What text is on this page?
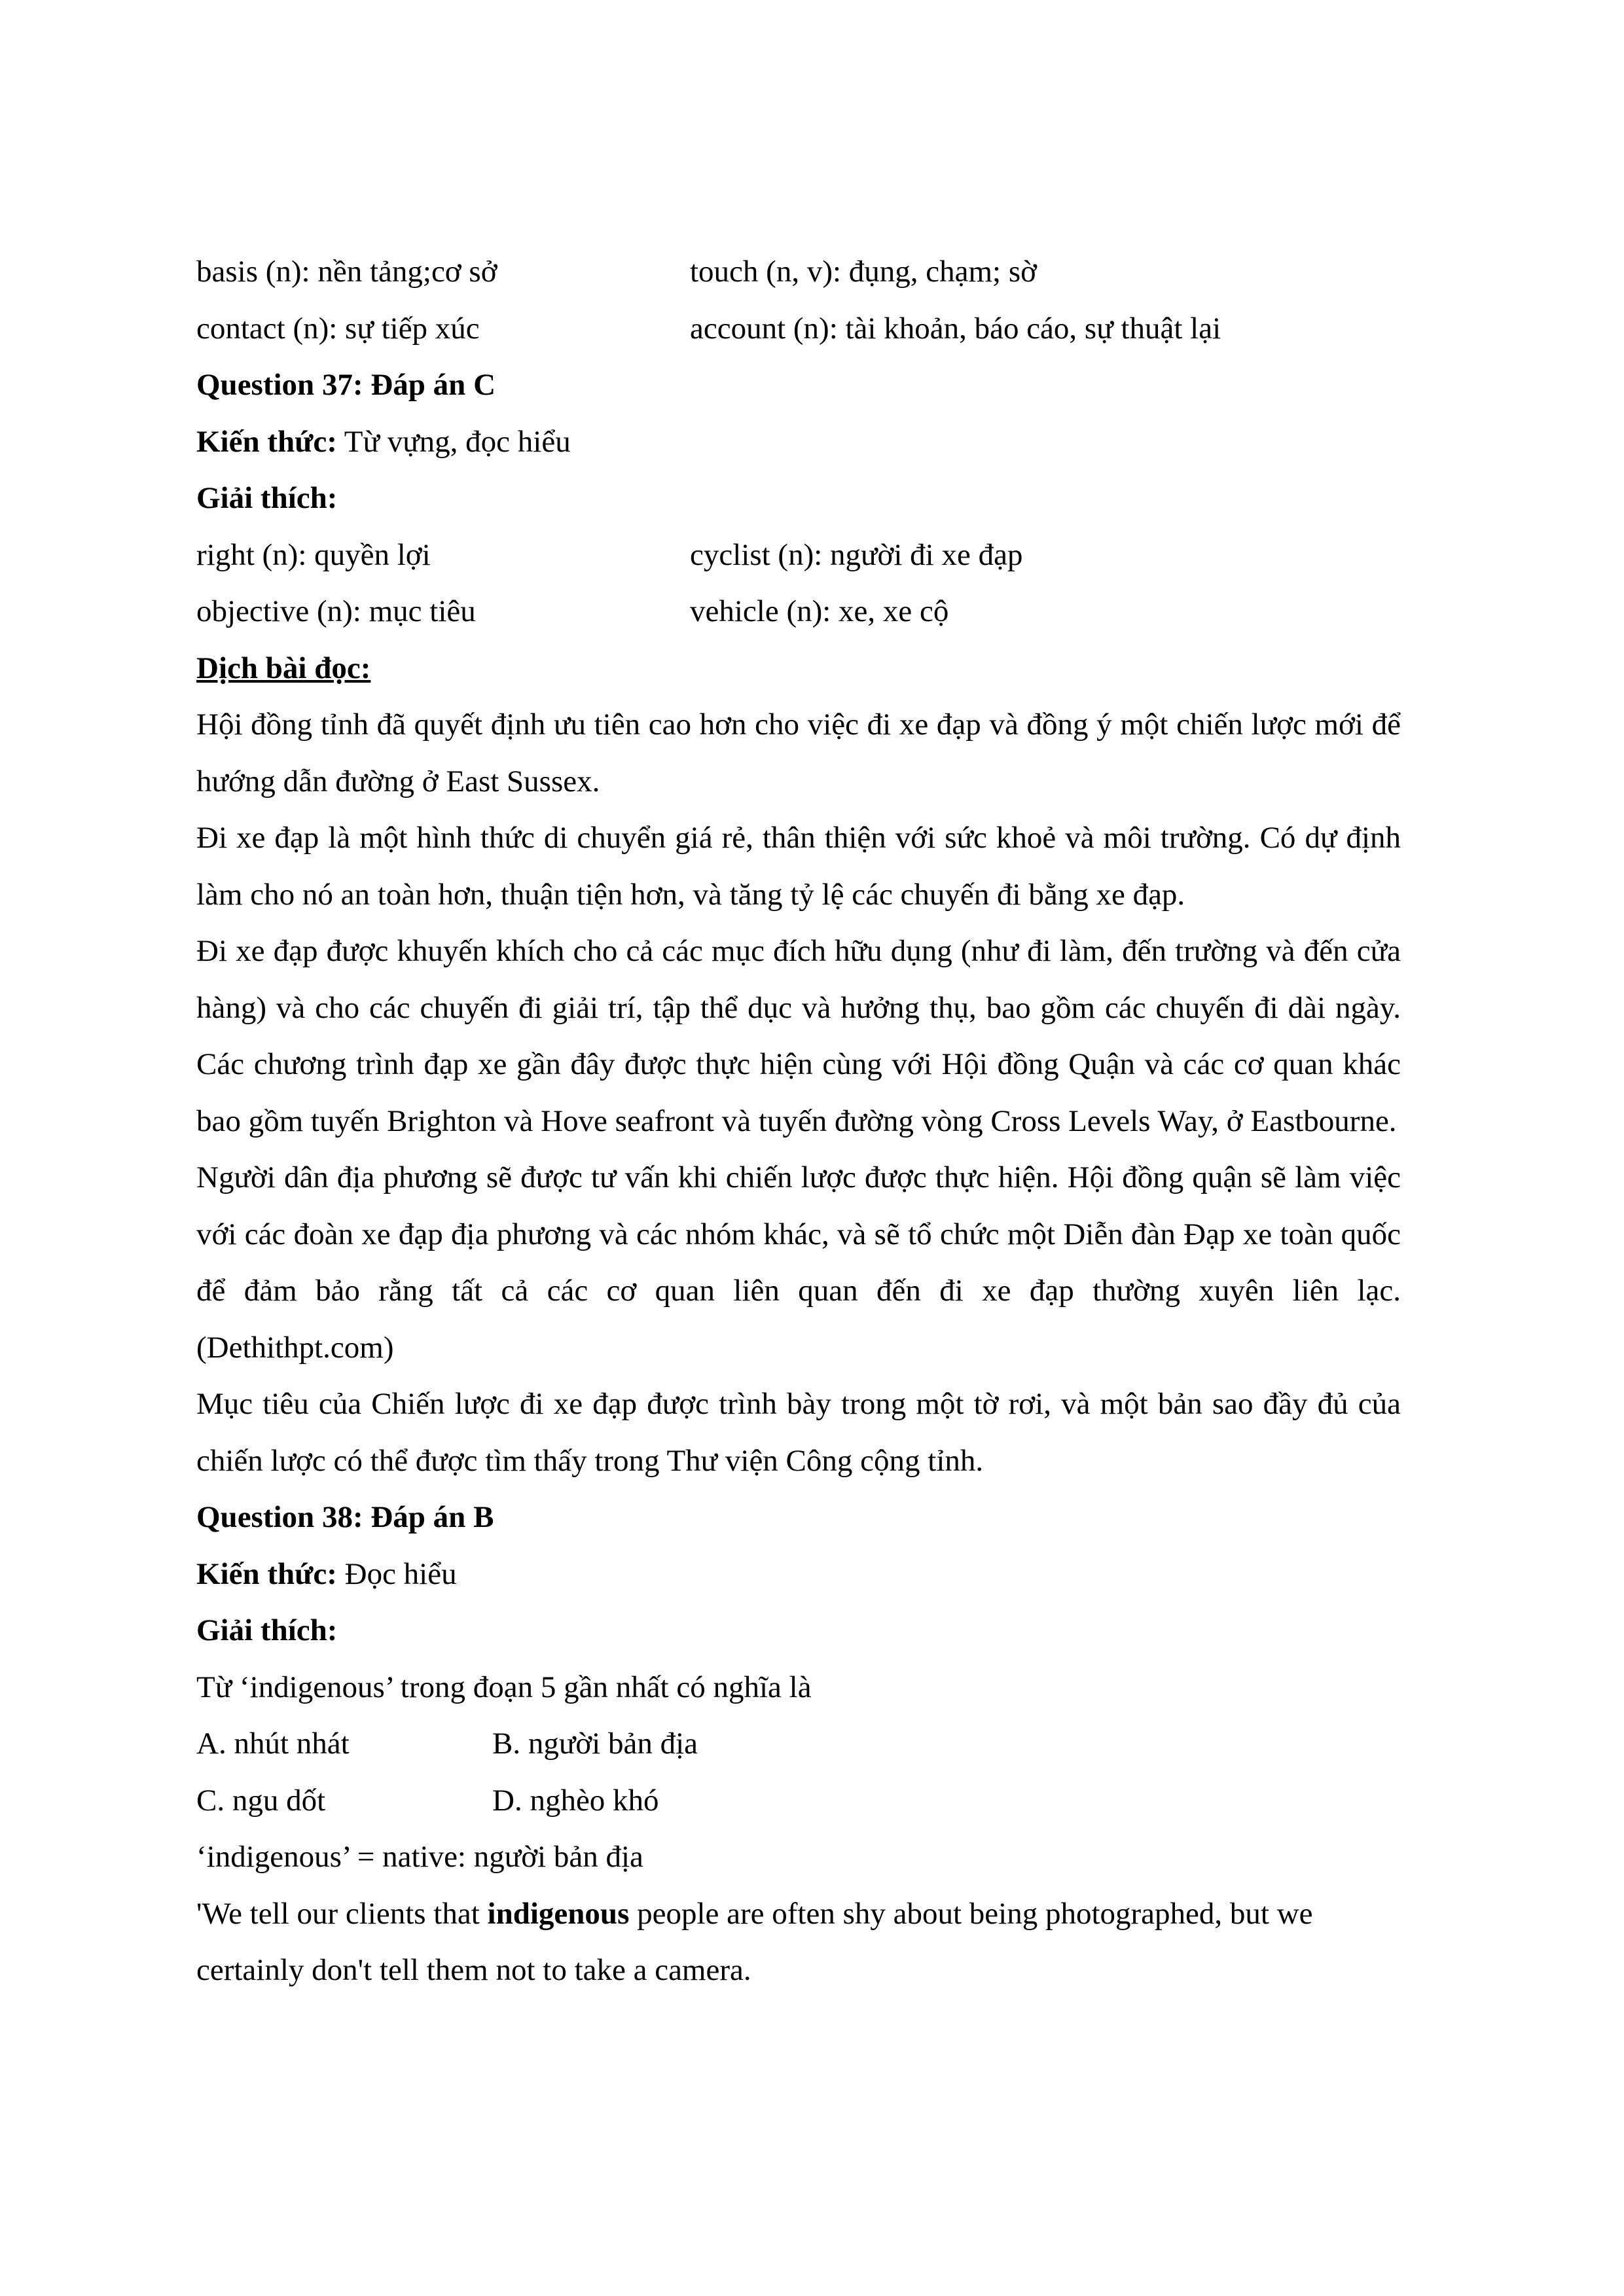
basis (n): nền tảng;cơ sở	touch (n, v): đụng, chạm; sờ
contact (n): sự tiếp xúc	account (n): tài khoản, báo cáo, sự thuật lại
Question 37: Đáp án C
Kiến thức: Từ vựng, đọc hiểu
Giải thích:
right (n): quyền lợi	cyclist (n): người đi xe đạp
objective (n): mục tiêu	vehicle (n): xe, xe cộ
Dịch bài đọc:

Hội đồng tỉnh đã quyết định ưu tiên cao hơn cho việc đi xe đạp và đồng ý một chiến lược mới để hướng dẫn đường ở East Sussex.

Đi xe đạp là một hình thức di chuyển giá rẻ, thân thiện với sức khoẻ và môi trường. Có dự định làm cho nó an toàn hơn, thuận tiện hơn, và tăng tỷ lệ các chuyến đi bằng xe đạp.

Đi xe đạp được khuyến khích cho cả các mục đích hữu dụng (như đi làm, đến trường và đến cửa hàng) và cho các chuyến đi giải trí, tập thể dục và hưởng thụ, bao gồm các chuyến đi dài ngày. Các chương trình đạp xe gần đây được thực hiện cùng với Hội đồng Quận và các cơ quan khác bao gồm tuyến Brighton và Hove seafront và tuyến đường vòng Cross Levels Way, ở Eastbourne.

Người dân địa phương sẽ được tư vấn khi chiến lược được thực hiện. Hội đồng quận sẽ làm việc với các đoàn xe đạp địa phương và các nhóm khác, và sẽ tổ chức một Diễn đàn Đạp xe toàn quốc để đảm bảo rằng tất cả các cơ quan liên quan đến đi xe đạp thường xuyên liên lạc. (Dethithpt.com)

Mục tiêu của Chiến lược đi xe đạp được trình bày trong một tờ rơi, và một bản sao đầy đủ của chiến lược có thể được tìm thấy trong Thư viện Công cộng tỉnh.

Question 38: Đáp án B
Kiến thức: Đọc hiểu
Giải thích:
Từ ‘indigenous’ trong đoạn 5 gần nhất có nghĩa là
A. nhút nhát	B. người bản địa
C. ngu dốt	D. nghèo khó
‘indigenous’ = native: người bản địa
'We tell our clients that indigenous people are often shy about being photographed, but we
certainly don't tell them not to take a camera.
